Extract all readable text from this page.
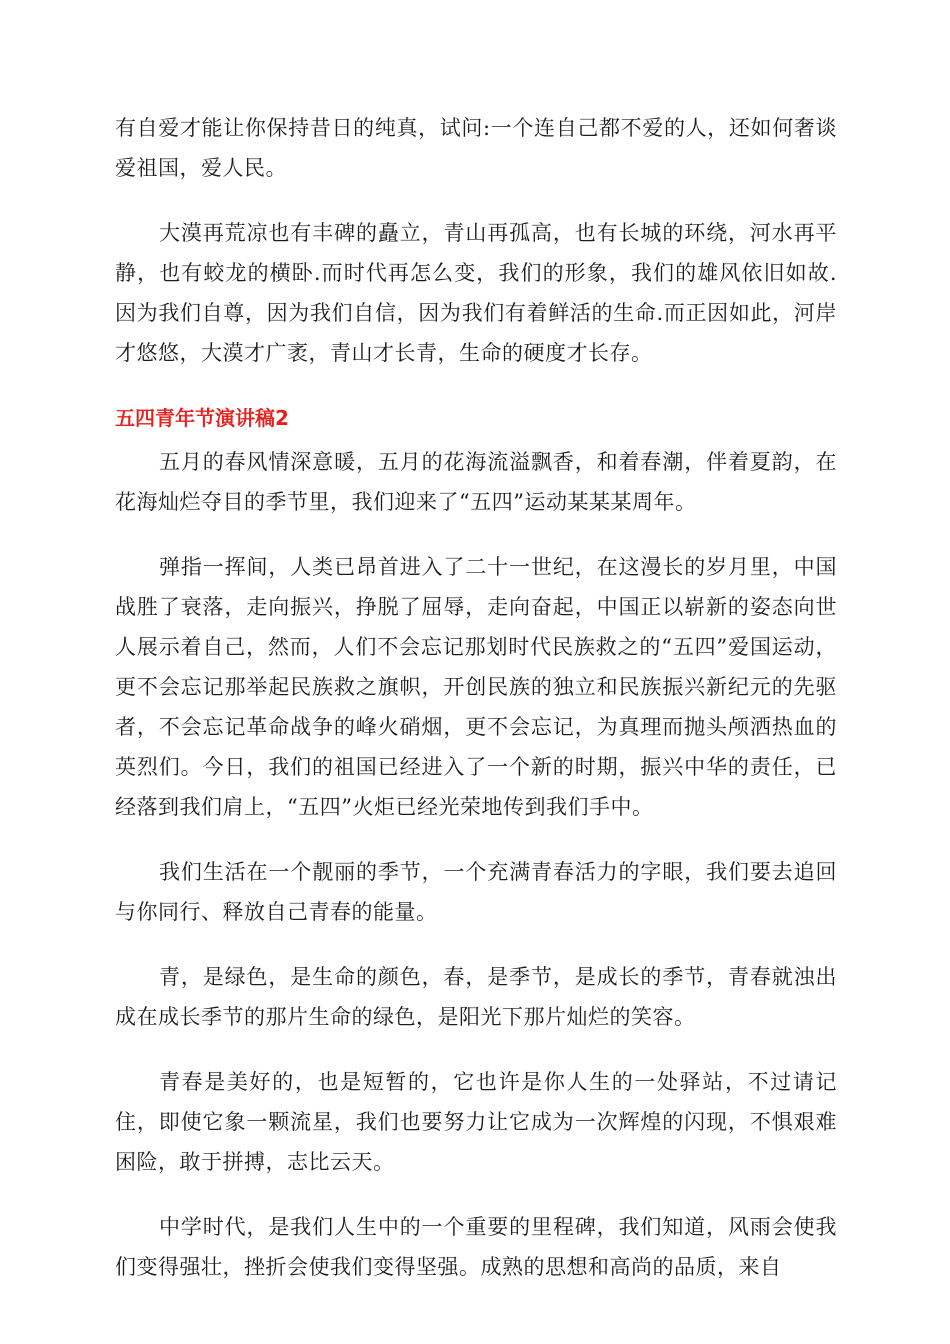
有自爱才能让你保持昔日的纯真，试问:一个连自己都不爱的人，还如何奢谈爱祖国，爱人民。

大漠再荒凉也有丰碑的矗立，青山再孤高，也有长城的环绕，河水再平静，也有蛟龙的横卧.而时代再怎么变，我们的形象，我们的雄风依旧如故.因为我们自尊，因为我们自信，因为我们有着鲜活的生命.而正因如此，河岸才悠悠，大漠才广袤，青山才长青，生命的硬度才长存。

五四青年节演讲稿2

五月的春风情深意暖，五月的花海流溢飘香，和着春潮，伴着夏韵，在花海灿烂夺目的季节里，我们迎来了“五四”运动某某某周年。

弹指一挥间，人类已昂首进入了二十一世纪，在这漫长的岁月里，中国战胜了衰落，走向振兴，挣脱了屈辱，走向奋起，中国正以崭新的姿态向世人展示着自己，然而，人们不会忘记那划时代民族救之的“五四”爱国运动，更不会忘记那举起民族救之旗帜，开创民族的独立和民族振兴新纪元的先驱者，不会忘记革命战争的峰火硝烟，更不会忘记，为真理而抛头颅洒热血的英烈们。今日，我们的祖国已经进入了一个新的时期，振兴中华的责任，已经落到我们肩上，“五四”火炬已经光荣地传到我们手中。

我们生活在一个靓丽的季节，一个充满青春活力的字眼，我们要去追回与你同行、释放自己青春的能量。

青，是绿色，是生命的颜色，春，是季节，是成长的季节，青春就浊出成在成长季节的那片生命的绿色，是阳光下那片灿烂的笑容。

青春是美好的，也是短暂的，它也许是你人生的一处驿站，不过请记住，即使它象一颗流星，我们也要努力让它成为一次辉煌的闪现，不惧艰难困险，敢于拼搏，志比云天。

中学时代，是我们人生中的一个重要的里程碑，我们知道，风雨会使我们变得强壮，挫折会使我们变得坚强。成熟的思想和高尚的品质，来自
